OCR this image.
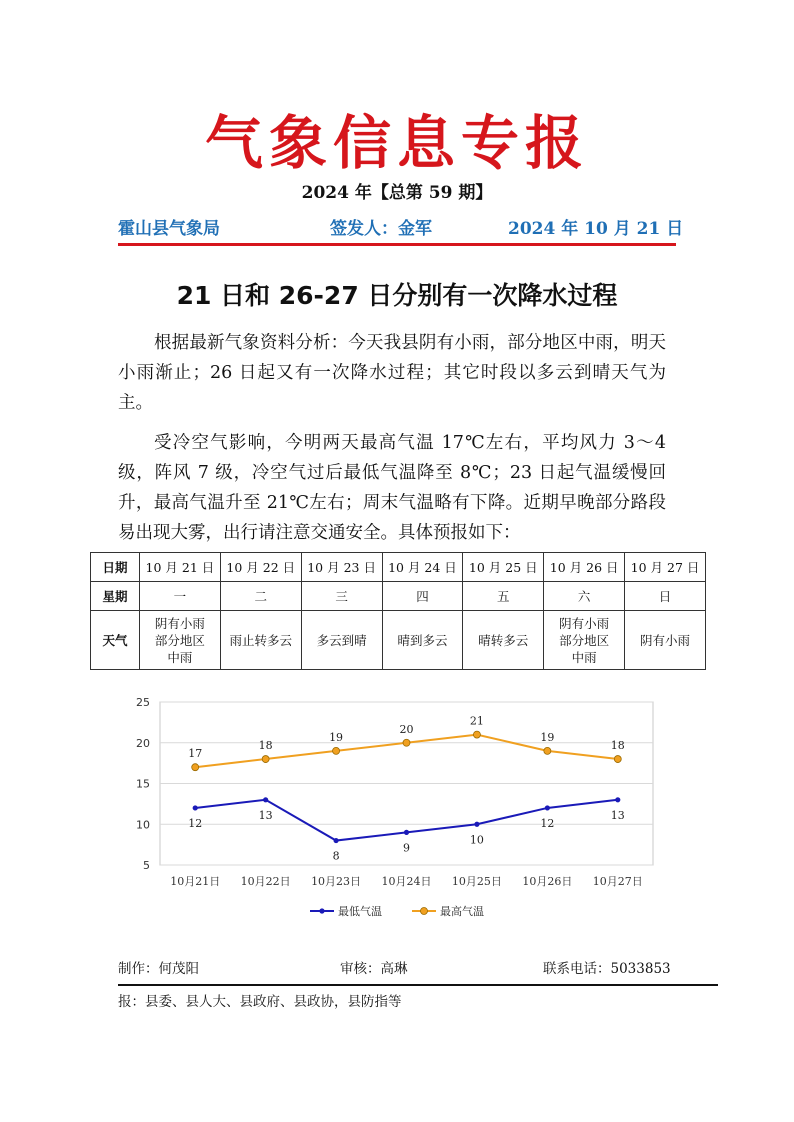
气象信息专报
2024 年【总第 59 期】
霍山县气象局	签发人：金军	2024 年 10 月 21 日
21 日和 26-27 日分别有一次降水过程
根据最新气象资料分析：今天我县阴有小雨，部分地区中雨，明天小雨渐止；26 日起又有一次降水过程；其它时段以多云到晴天气为主。
受冷空气影响，今明两天最高气温 17℃左右，平均风力 3～4 级，阵风 7 级，冷空气过后最低气温降至 8℃；23 日起气温缓慢回升，最高气温升至 21℃左右；周末气温略有下降。近期早晚部分路段易出现大雾，出行请注意交通安全。具体预报如下：
日期	10 月 21 日	10 月 22 日	10 月 23 日	10 月 24 日	10 月 25 日	10 月 26 日	10 月 27 日
星期	一	二	三	四	五	六	日
天气	阴有小雨
部分地区
中雨	雨止转多云	多云到晴	晴到多云	晴转多云	阴有小雨
部分地区
中雨	阴有小雨
5
10
15
20
25
10月21日 10月22日 10月23日 10月24日 10月25日 10月26日 10月27日
12
13
8
9
10
12
13
17
18
19
20
21
19
18
最低气温	最高气温
制作：何茂阳	审核：高琳	联系电话：5033853
报：县委、县人大、县政府、县政协，县防指等
